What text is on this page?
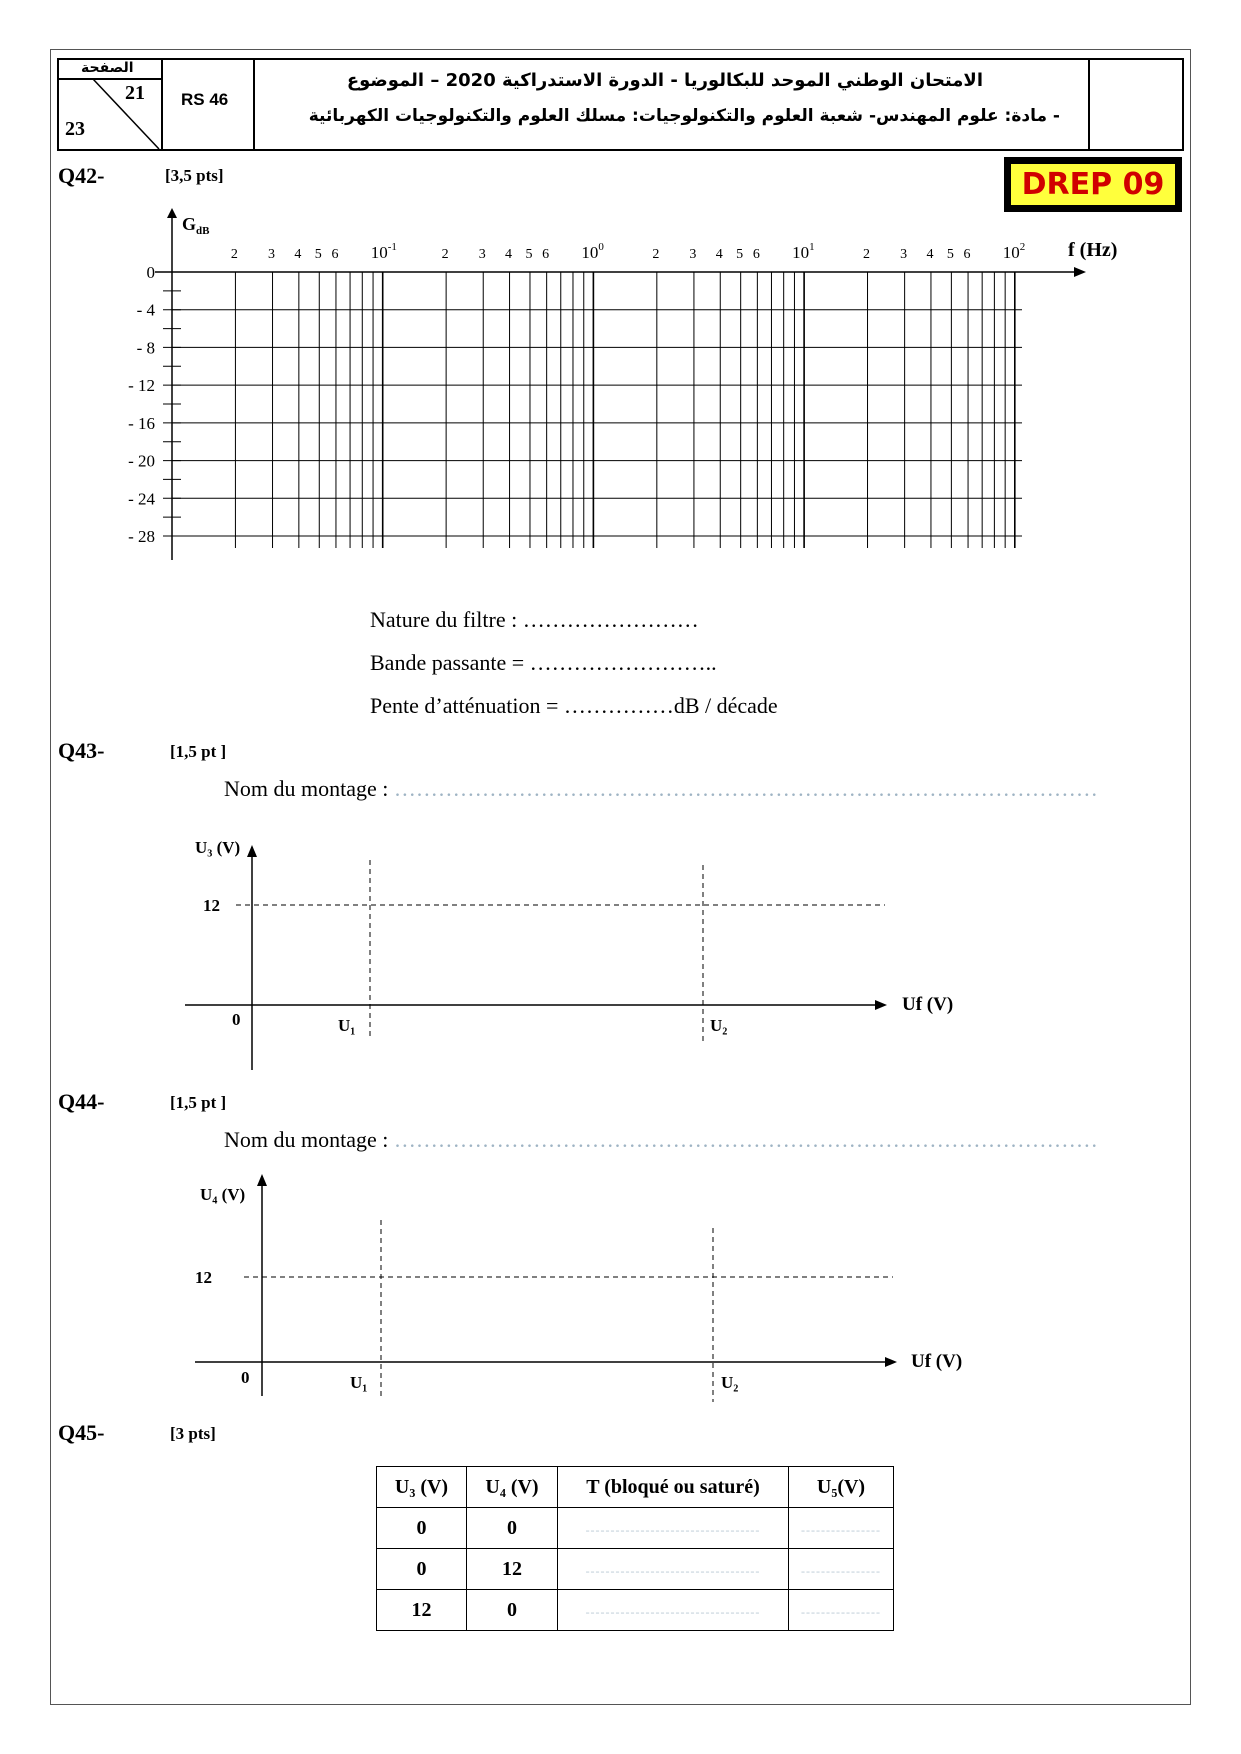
الصفحة
21
23
RS 46
الامتحان الوطني الموحد للبكالوريا - الدورة الاستدراكية 2020 – الموضوع
- مادة: علوم المهندس- شعبة العلوم والتكنولوجيات: مسلك العلوم والتكنولوجيات الكهربائية
DREP 09
Q42-	[3,5 pts]
0
- 4
- 8
- 12
- 16
- 20
- 24
- 28
2 3 4 5 6 $10^{-1}$	2 3 4 5 6 $10^0$	2 3 4 5 6 $10^1$	2 3 4 5 6 $10^2$
$G_{dB}$
f (Hz)
Nature du filtre : ……………………
Bande passante = ……………………..
Pente d’atténuation = ……………dB / décade
Q43-	[1,5 pt ]
Nom du montage : ……………………………………………………………………………………
U₃ (V)
12
0	U₁	U₂
Uf (V)
Q44-	[1,5 pt ]
Nom du montage : ……………………………………………………………………………………
U₄ (V)
12
0	U₁	U₂
Uf (V)
Q45-	[3 pts]
U₃ (V)	U₄ (V)	T (bloqué ou saturé)	U₅(V)
0	0	-----------------------------------	----------------
0	12	-----------------------------------	----------------
12	0	-----------------------------------	----------------
